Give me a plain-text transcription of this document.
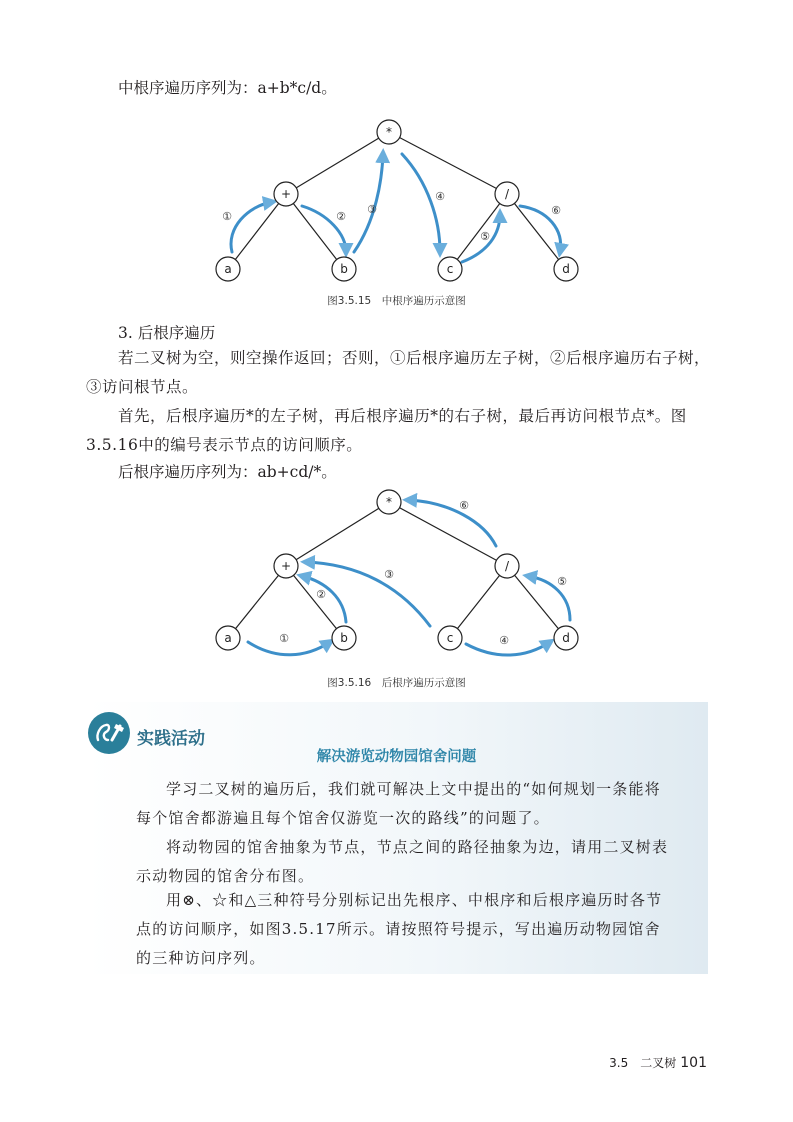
中根序遍历序列为：a+b*c/d。
*
+	/
a	b	c	d
①	②
③
④
⑤
⑥
图3.5.15　中根序遍历示意图
3. 后根序遍历
若二叉树为空，则空操作返回；否则，①后根序遍历左子树，②后根序遍历右子树，③访问根节点。
首先，后根序遍历*的左子树，再后根序遍历*的右子树，最后再访问根节点*。图3.5.16中的编号表示节点的访问顺序。
后根序遍历序列为：ab+cd/*。
*
+	/
a	b	c	d
①
②
③
④
⑤
⑥
图3.5.16　后根序遍历示意图
实践活动
解决游览动物园馆舍问题
学习二叉树的遍历后，我们就可解决上文中提出的“如何规划一条能将每个馆舍都游遍且每个馆舍仅游览一次的路线”的问题了。
将动物园的馆舍抽象为节点，节点之间的路径抽象为边，请用二叉树表示动物园的馆舍分布图。
用⊗、☆和△三种符号分别标记出先根序、中根序和后根序遍历时各节点的访问顺序，如图3.5.17所示。请按照符号提示，写出遍历动物园馆舍的三种访问序列。
3.5　二叉树 101
